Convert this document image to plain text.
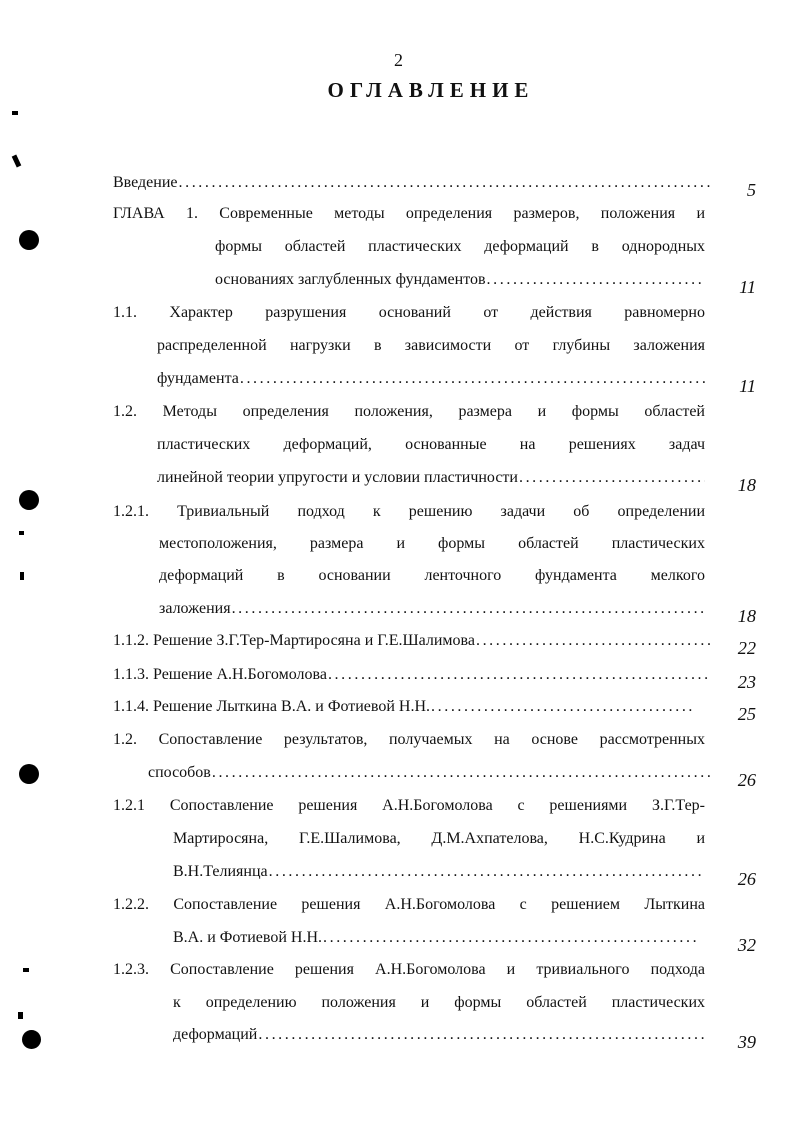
2
ОГЛАВЛЕНИЕ
Введение . . .	5
ГЛАВА 1. Современные методы определения размеров, положения и
формы областей пластических деформаций в однородных
основаниях заглубленных фундаментов . . .	11
1.1. Характер разрушения оснований от действия равномерно
распределенной нагрузки в зависимости от глубины заложения
фундамента . . .	11
1.2. Методы определения положения, размера и формы областей
пластических деформаций, основанные на решениях задач
линейной теории упругости и условии пластичности . . .	18
1.2.1. Тривиальный подход к решению задачи об определении
местоположения, размера и формы областей пластических
деформаций в основании ленточного фундамента мелкого
заложения . . .	18
1.1.2. Решение З.Г.Тер-Мартиросяна и Г.Е.Шалимова . . .	22
1.1.3. Решение А.Н.Богомолова . . .	23
1.1.4. Решение Лыткина В.А. и Фотиевой Н.Н. . . .	25
1.2. Сопоставление результатов, получаемых на основе рассмотренных
способов . . .	26
1.2.1 Сопоставление решения А.Н.Богомолова с решениями З.Г.Тер-
Мартиросяна, Г.Е.Шалимова, Д.М.Ахпателова, Н.С.Кудрина и
В.Н.Телиянца . . .	26
1.2.2. Сопоставление решения А.Н.Богомолова с решением Лыткина
В.А. и Фотиевой Н.Н. . . .	32
1.2.3. Сопоставление решения А.Н.Богомолова и тривиального подхода
к определению положения и формы областей пластических
деформаций . . .	39
